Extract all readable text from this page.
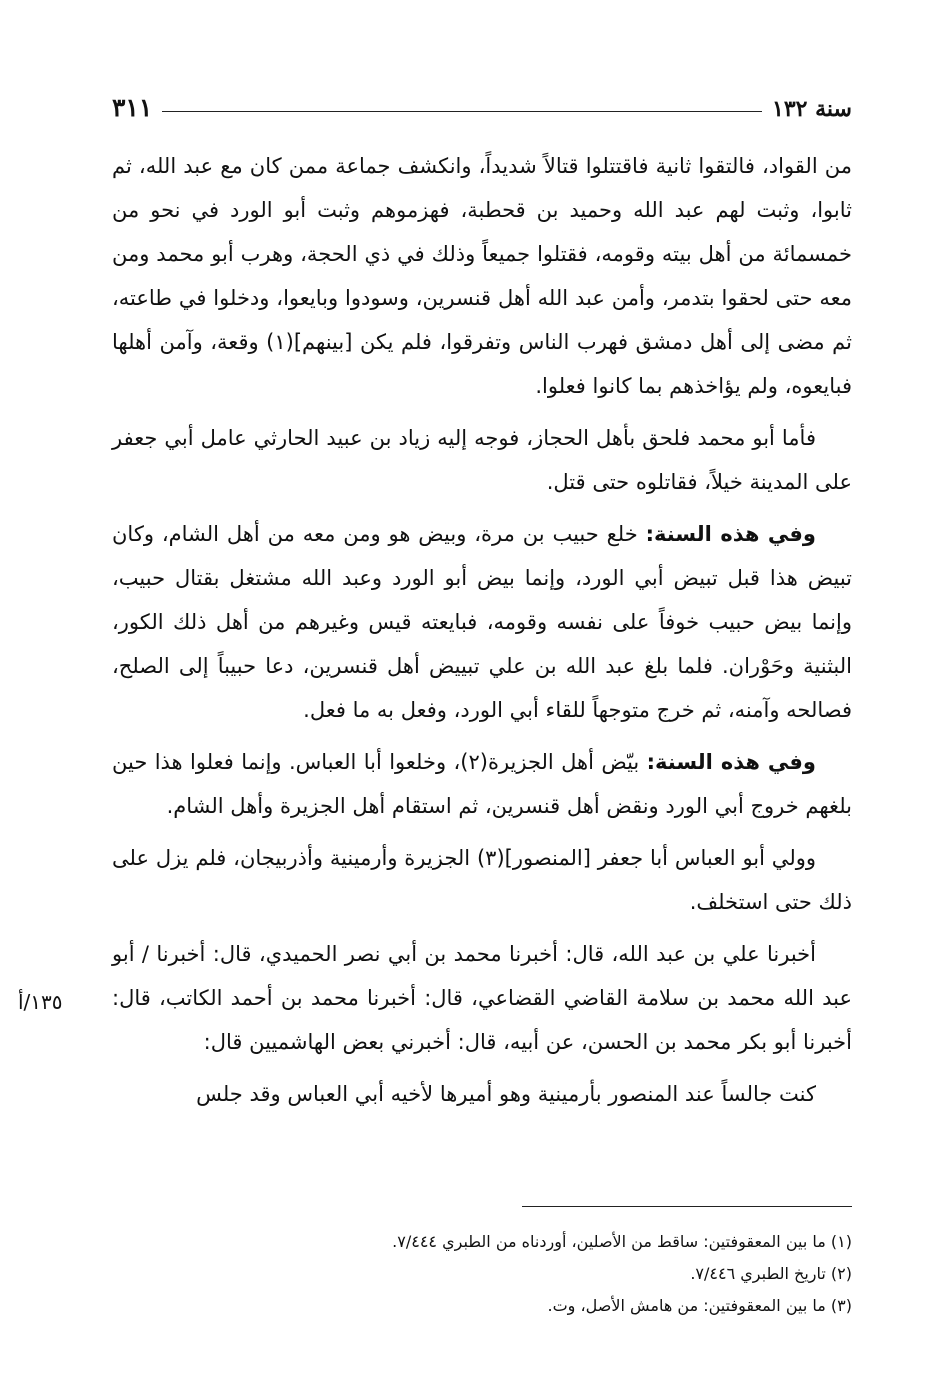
سنة ١٣٢
٣١١

من القواد، فالتقوا ثانية فاقتتلوا قتالاً شديداً، وانكشف جماعة ممن كان مع عبد الله، ثم ثابوا، وثبت لهم عبد الله وحميد بن قحطبة، فهزموهم وثبت أبو الورد في نحو من خمسمائة من أهل بيته وقومه، فقتلوا جميعاً وذلك في ذي الحجة، وهرب أبو محمد ومن معه حتى لحقوا بتدمر، وأمن عبد الله أهل قنسرين، وسودوا وبايعوا، ودخلوا في طاعته، ثم مضى إلى أهل دمشق فهرب الناس وتفرقوا، فلم يكن [بينهم](١) وقعة، وآمن أهلها فبايعوه، ولم يؤاخذهم بما كانوا فعلوا.

فأما أبو محمد فلحق بأهل الحجاز، فوجه إليه زياد بن عبيد الحارثي عامل أبي جعفر على المدينة خيلاً، فقاتلوه حتى قتل.

وفي هذه السنة: خلع حبيب بن مرة، وبيض هو ومن معه من أهل الشام، وكان تبيض هذا قبل تبيض أبي الورد، وإنما بيض أبو الورد وعبد الله مشتغل بقتال حبيب، وإنما بيض حبيب خوفاً على نفسه وقومه، فبايعته قيس وغيرهم من أهل ذلك الكور، البثنية وحَوْران. فلما بلغ عبد الله بن علي تبييض أهل قنسرين، دعا حبيباً إلى الصلح، فصالحه وآمنه، ثم خرج متوجهاً للقاء أبي الورد، وفعل به ما فعل.

وفي هذه السنة: بيّض أهل الجزيرة(٢)، وخلعوا أبا العباس. وإنما فعلوا هذا حين بلغهم خروج أبي الورد ونقض أهل قنسرين، ثم استقام أهل الجزيرة وأهل الشام.

وولي أبو العباس أبا جعفر [المنصور](٣) الجزيرة وأرمينية وأذربيجان، فلم يزل على ذلك حتى استخلف.

أخبرنا علي بن عبد الله، قال: أخبرنا محمد بن أبي نصر الحميدي، قال: أخبرنا / أبو عبد الله محمد بن سلامة القاضي القضاعي، قال: أخبرنا محمد بن أحمد الكاتب، قال: أخبرنا أبو بكر محمد بن الحسن، عن أبيه، قال: أخبرني بعض الهاشميين قال:

كنت جالساً عند المنصور بأرمينية وهو أميرها لأخيه أبي العباس وقد جلس

١٣٥/أ

(١) ما بين المعقوفتين: ساقط من الأصلين، أوردناه من الطبري ٧/٤٤٤.

(٢) تاريخ الطبري ٧/٤٤٦.

(٣) ما بين المعقوفتين: من هامش الأصل، وت.
